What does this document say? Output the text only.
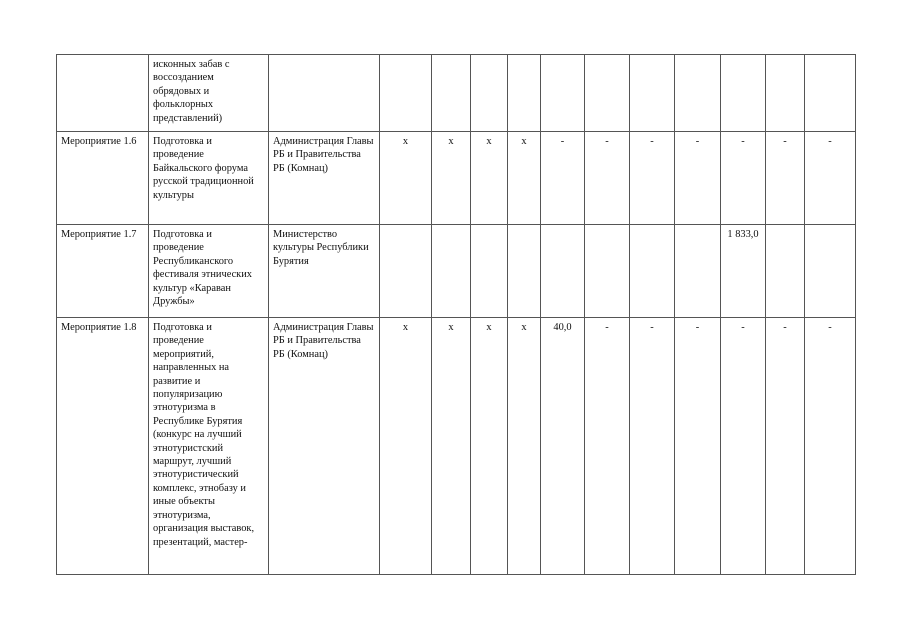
	исконных забав с воссозданием обрядовых и фольклорных представлений)												
Мероприятие 1.6	Подготовка и проведение Байкальского форума русской традиционной культуры	Администрация Главы РБ и Правительства РБ (Комнац)	х	х	х	х	-	-	-	-	-	-	-
Мероприятие 1.7	Подготовка и проведение Республиканского фестиваля этнических культур «Караван Дружбы»	Министерство культуры Республики Бурятия									1 833,0		
Мероприятие 1.8	Подготовка и проведение мероприятий, направленных на развитие и популяризацию этнотуризма в Республике Бурятия (конкурс на лучший этнотуристский маршрут, лучший этнотуристический комплекс, этнобазу и иные объекты этнотуризма, организация выставок, презентаций, мастер-	Администрация Главы РБ и Правительства РБ (Комнац)	х	х	х	х	40,0	-	-	-	-	-	-
